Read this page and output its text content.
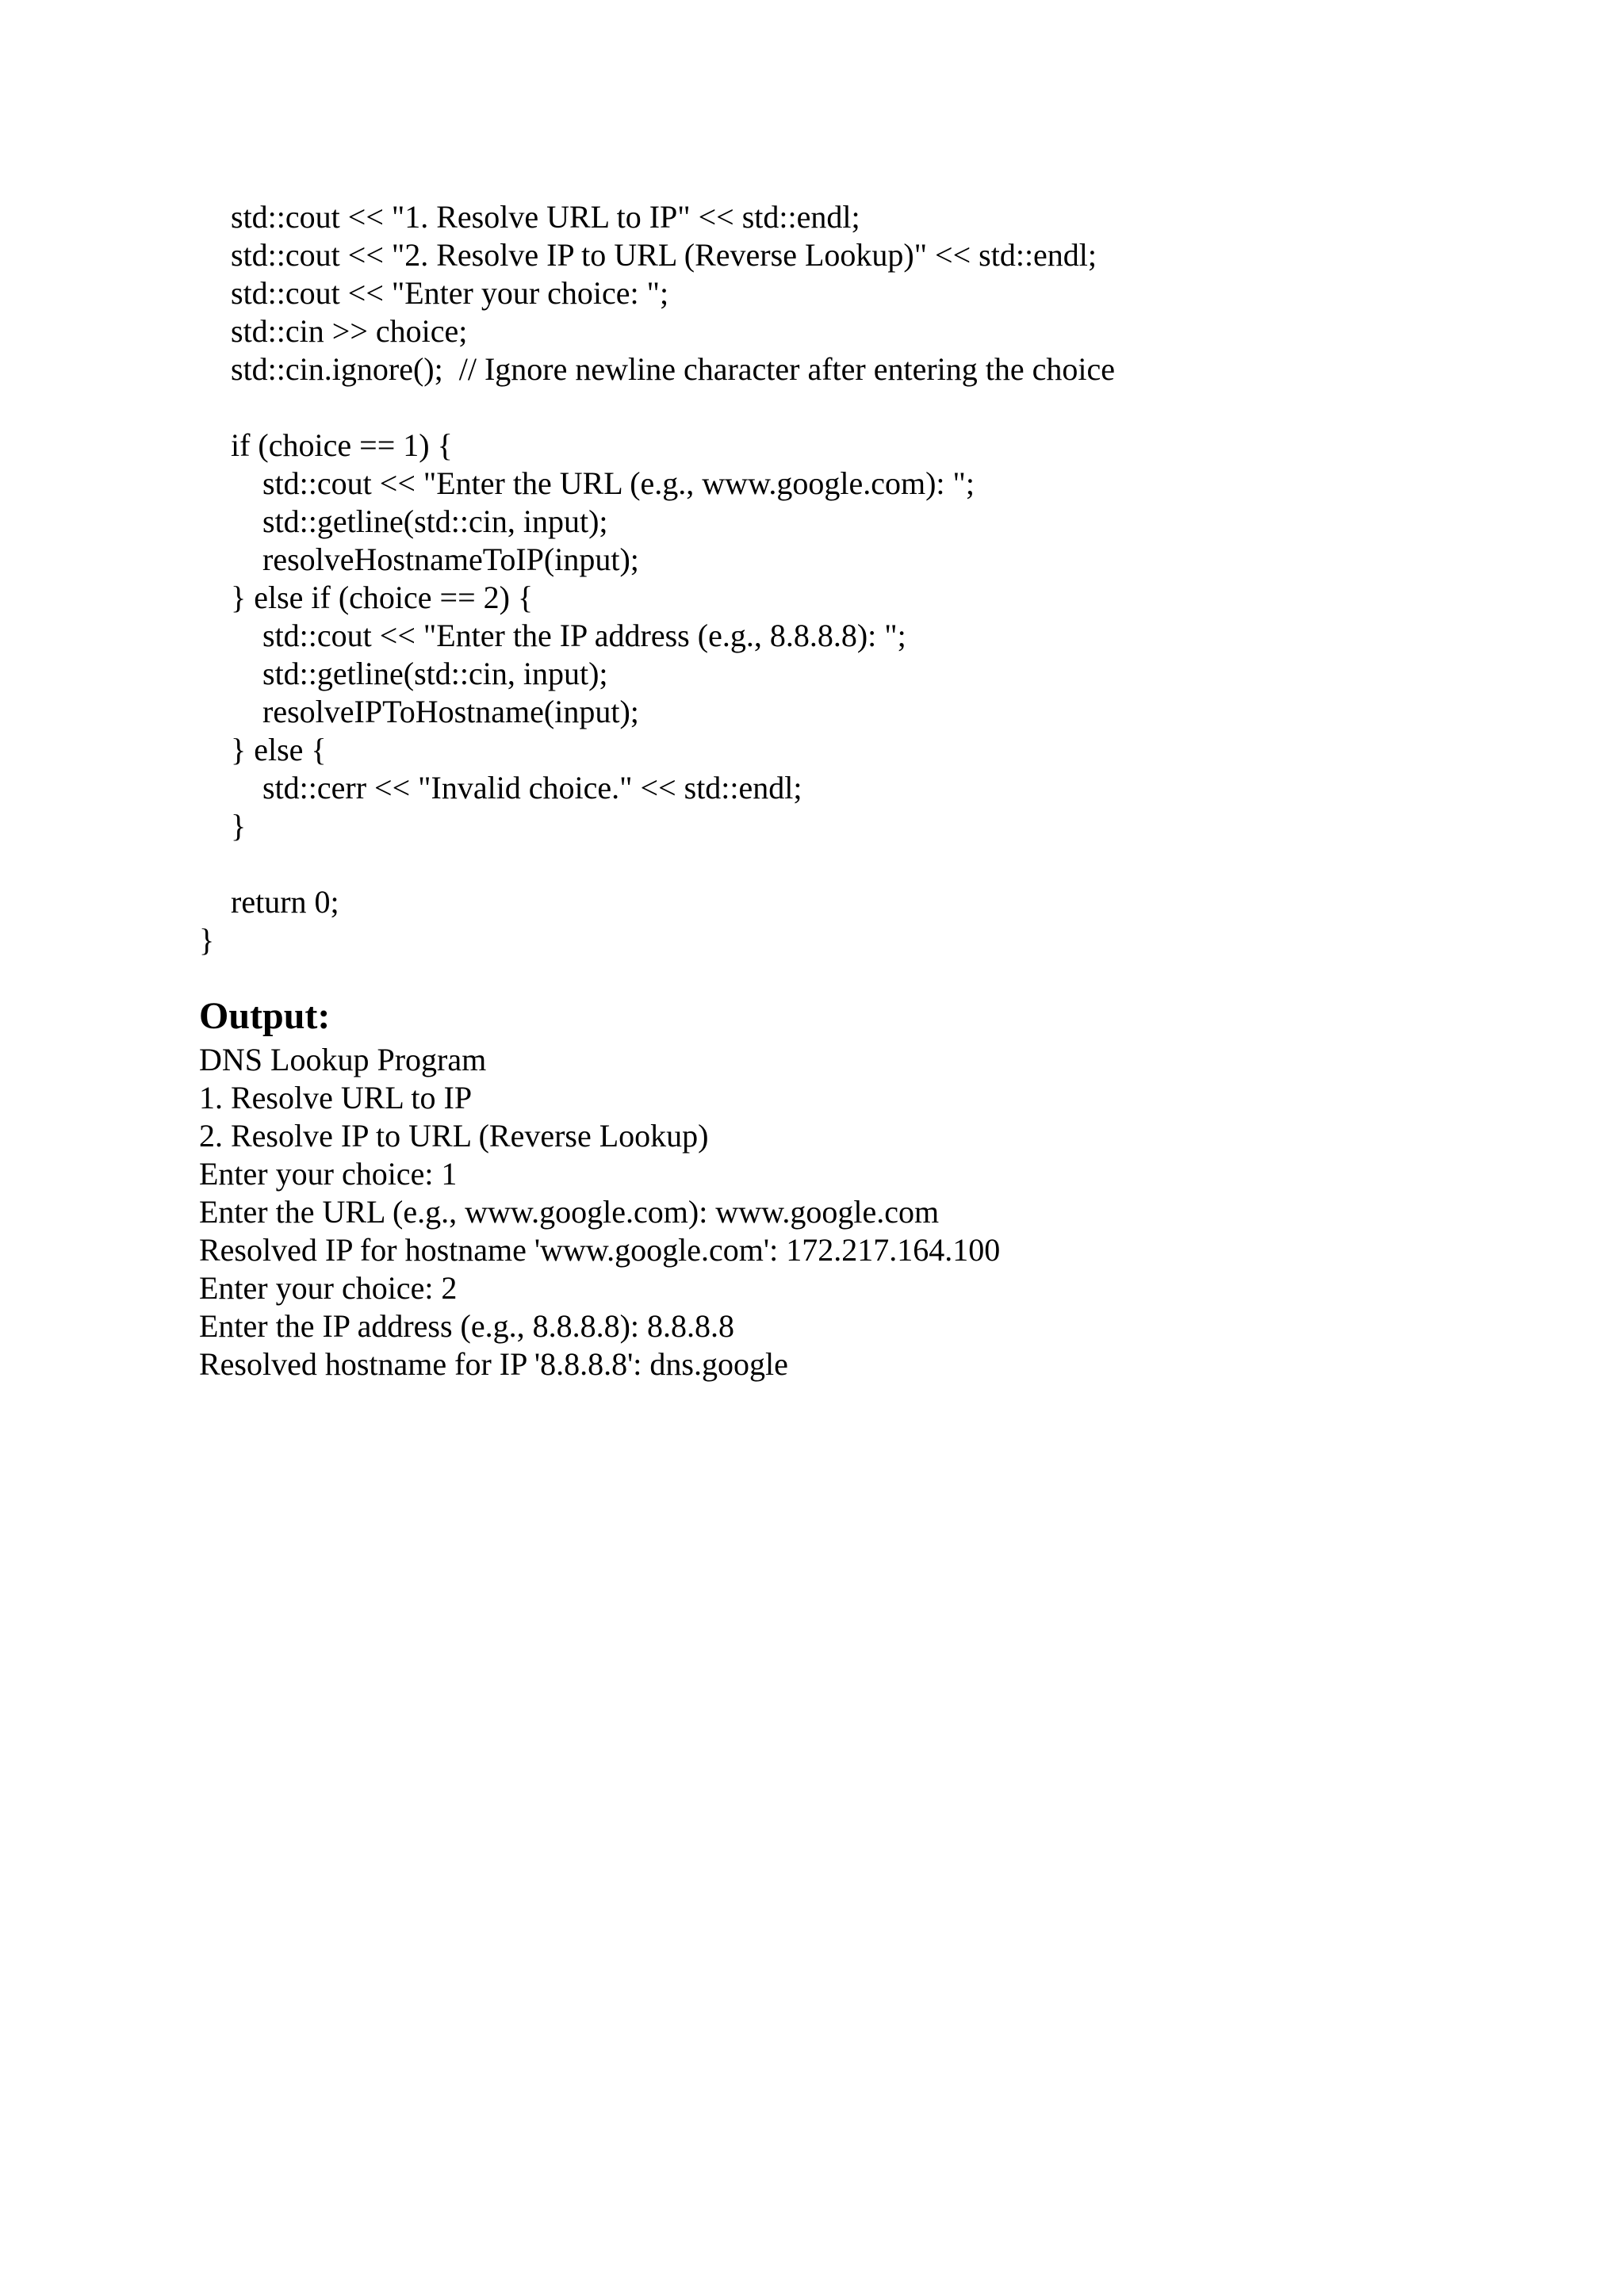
std::cout << "1. Resolve URL to IP" << std::endl;
std::cout << "2. Resolve IP to URL (Reverse Lookup)" << std::endl;
std::cout << "Enter your choice: ";
std::cin >> choice;
std::cin.ignore();  // Ignore newline character after entering the choice
if (choice == 1) {
std::cout << "Enter the URL (e.g., www.google.com): ";
std::getline(std::cin, input);
resolveHostnameToIP(input);
} else if (choice == 2) {
std::cout << "Enter the IP address (e.g., 8.8.8.8): ";
std::getline(std::cin, input);
resolveIPToHostname(input);
} else {
std::cerr << "Invalid choice." << std::endl;
}
return 0;
}
Output:
DNS Lookup Program
1. Resolve URL to IP
2. Resolve IP to URL (Reverse Lookup)
Enter your choice: 1
Enter the URL (e.g., www.google.com): www.google.com
Resolved IP for hostname 'www.google.com': 172.217.164.100
Enter your choice: 2
Enter the IP address (e.g., 8.8.8.8): 8.8.8.8
Resolved hostname for IP '8.8.8.8': dns.google
